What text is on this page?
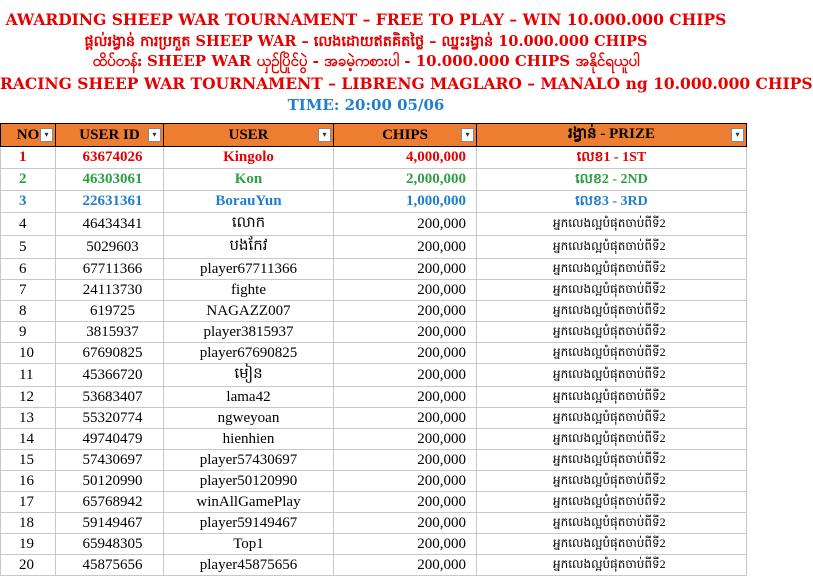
AWARDING SHEEP WAR TOURNAMENT – FREE TO PLAY – WIN 10.000.000 CHIPS
ផ្តល់រង្វាន់ ការប្រកួត SHEEP WAR – លេងដោយឥតគិតថ្លៃ – ឈ្នះរង្វាន់ 10.000.000 CHIPS
ထိပ်တန်း SHEEP WAR ယှဉ်ပြိုင်ပွဲ - အခမဲ့ကစားပါ - 10.000.000 CHIPS အနိုင်ရယူပါ
RACING SHEEP WAR TOURNAMENT – LIBRENG MAGLARO – MANALO ng 10.000.000 CHIPS
TIME: 20:00 05/06
NO ▾	USER ID ▾	USER ▾	CHIPS ▾	រង្វាន់ - PRIZE ▾

1	63674026	Kingolo	4,000,000	លេខ1 - 1ST
2	46303061	Kon	2,000,000	លេខ2 - 2ND
3	22631361	BorauYun	1,000,000	លេខ3 - 3RD
4	46434341	លោក	200,000	អ្នកលេងល្អបំផុតចាប់ពីទី2
5	5029603	បងកែវ	200,000	អ្នកលេងល្អបំផុតចាប់ពីទី2
6	67711366	player67711366	200,000	អ្នកលេងល្អបំផុតចាប់ពីទី2
7	24113730	fighte	200,000	អ្នកលេងល្អបំផុតចាប់ពីទី2
8	619725	NAGAZZ007	200,000	អ្នកលេងល្អបំផុតចាប់ពីទី2
9	3815937	player3815937	200,000	អ្នកលេងល្អបំផុតចាប់ពីទី2
10	67690825	player67690825	200,000	អ្នកលេងល្អបំផុតចាប់ពីទី2
11	45366720	មៀន	200,000	អ្នកលេងល្អបំផុតចាប់ពីទី2
12	53683407	lama42	200,000	អ្នកលេងល្អបំផុតចាប់ពីទី2
13	55320774	ngweyoan	200,000	អ្នកលេងល្អបំផុតចាប់ពីទី2
14	49740479	hienhien	200,000	អ្នកលេងល្អបំផុតចាប់ពីទី2
15	57430697	player57430697	200,000	អ្នកលេងល្អបំផុតចាប់ពីទី2
16	50120990	player50120990	200,000	អ្នកលេងល្អបំផុតចាប់ពីទី2
17	65768942	winAllGamePlay	200,000	អ្នកលេងល្អបំផុតចាប់ពីទី2
18	59149467	player59149467	200,000	អ្នកលេងល្អបំផុតចាប់ពីទី2
19	65948305	Top1	200,000	អ្នកលេងល្អបំផុតចាប់ពីទី2
20	45875656	player45875656	200,000	អ្នកលេងល្អបំផុតចាប់ពីទី2
